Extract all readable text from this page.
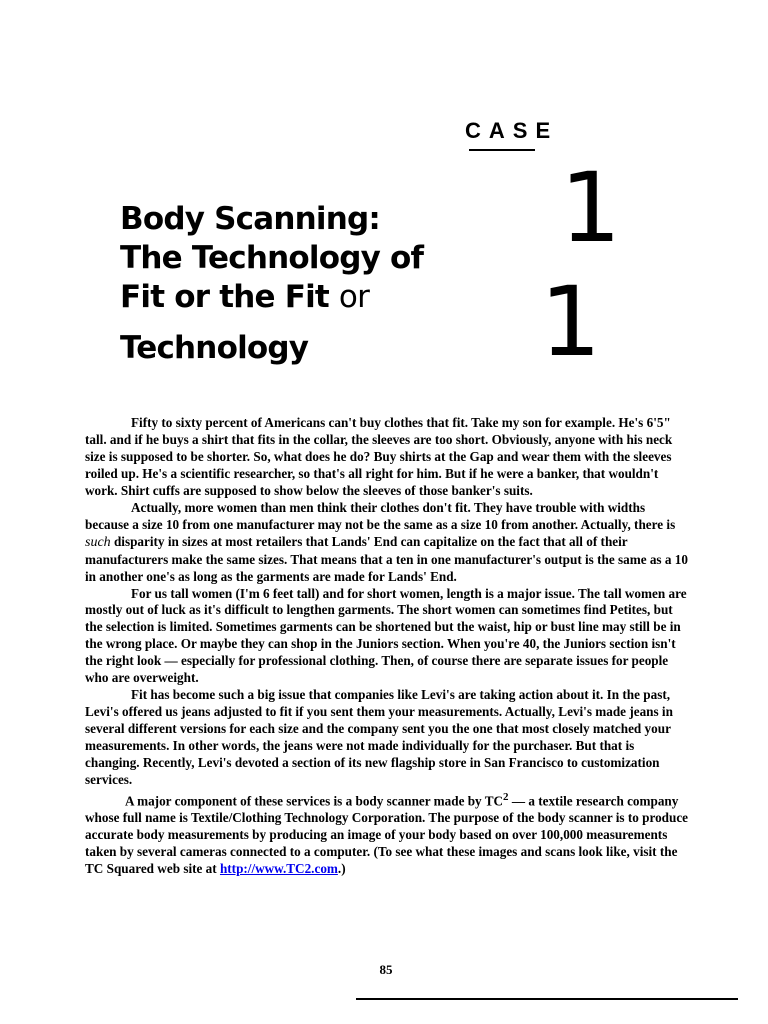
CASE
1
1
Body Scanning:
The Technology of
Fit or the Fit or
Technology

Fifty to sixty percent of Americans can't buy clothes that fit. Take my son for example. He's 6'5" tall. and if he buys a shirt that fits in the collar, the sleeves are too short. Obviously, anyone with his neck size is supposed to be shorter. So, what does he do? Buy shirts at the Gap and wear them with the sleeves roiled up. He's a scientific researcher, so that's all right for him. But if he were a banker, that wouldn't work. Shirt cuffs are supposed to show below the sleeves of those banker's suits.

Actually, more women than men think their clothes don't fit. They have trouble with widths because a size 10 from one manufacturer may not be the same as a size 10 from another. Actually, there is such disparity in sizes at most retailers that Lands' End can capitalize on the fact that all of their manufacturers make the same sizes. That means that a ten in one manufacturer's output is the same as a 10 in another one's as long as the garments are made for Lands' End.

For us tall women (I'm 6 feet tall) and for short women, length is a major issue. The tall women are mostly out of luck as it's difficult to lengthen garments. The short women can sometimes find Petites, but the selection is limited. Sometimes garments can be shortened but the waist, hip or bust line may still be in the wrong place. Or maybe they can shop in the Juniors section. When you're 40, the Juniors section isn't the right look — especially for professional clothing. Then, of course there are separate issues for people who are overweight.

Fit has become such a big issue that companies like Levi's are taking action about it. In the past, Levi's offered us jeans adjusted to fit if you sent them your measurements. Actually, Levi's made jeans in several different versions for each size and the company sent you the one that most closely matched your measurements. In other words, the jeans were not made individually for the purchaser. But that is changing. Recently, Levi's devoted a section of its new flagship store in San Francisco to customization services.

A major component of these services is a body scanner made by $TC^2$ — a textile research company whose full name is Textile/Clothing Technology Corporation. The purpose of the body scanner is to produce accurate body measurements by producing an image of your body based on over 100,000 measurements taken by several cameras connected to a computer. (To see what these images and scans look like, visit the TC Squared web site at http://www.TC2.com.)

85
